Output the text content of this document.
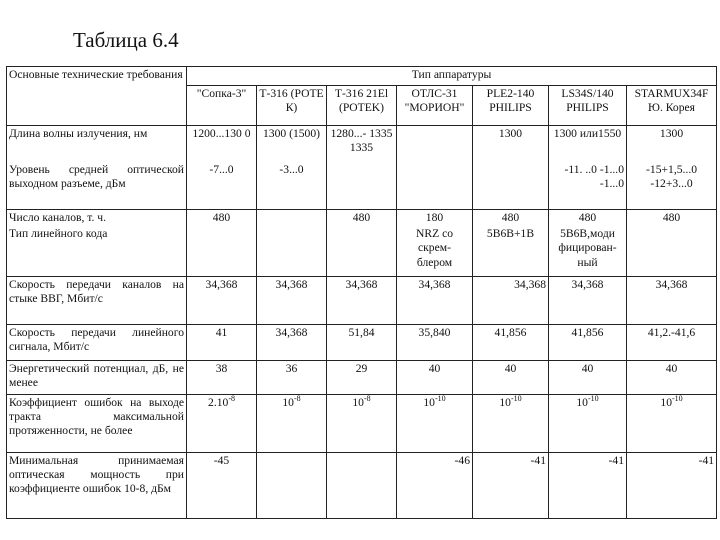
Таблица 6.4
Основные технические требования	Тип аппаратуры						
	"Сопка-3"	Т-316 (РОТЕ К)	Т-316 21El (POTEK)	ОТЛС-31 "МОРИОН"	PLE2-140 PHILIPS	LS34S/140 PHILIPS	STARMUX34F Ю. Корея
Длина волны излучения, нм	1200...130 0	1300 (1500)	1280...- 1335 1335		1300	1300 или1550	1300
Уровень средней оптической выходном разъеме, дБм	-7...0	-3...0				-11. ..0 -1...0 -1...0	-15+1,5...0 -12+3...0
Число каналов, т. ч.	480		480	180	480	480	480
Тип линейного кода				NRZ со скрем- блером	5B6B+1B	5B6B,моди фицирован- ный	
Скорость передачи каналов на стыке ВВГ, Мбит/с	34,368	34,368	34,368	34,368	34,368	34,368	34,368
Скорость передачи линейного сигнала, Мбит/с	41	34,368	51,84	35,840	41,856	41,856	41,2.-41,6
Энергетический потенциал, дБ, не менее	38	36	29	40	40	40	40
Коэффициент ошибок на выходе тракта максимальной протяженности, не более	$2.10^{-8}$	$10^{-8}$	$10^{-8}$	$10^{-10}$	$10^{-10}$	$10^{-10}$	$10^{-10}$
Минимальная принимаемая оптическая мощность при коэффициенте ошибок 10-8, дБм	-45			-46	-41	-41	-41
